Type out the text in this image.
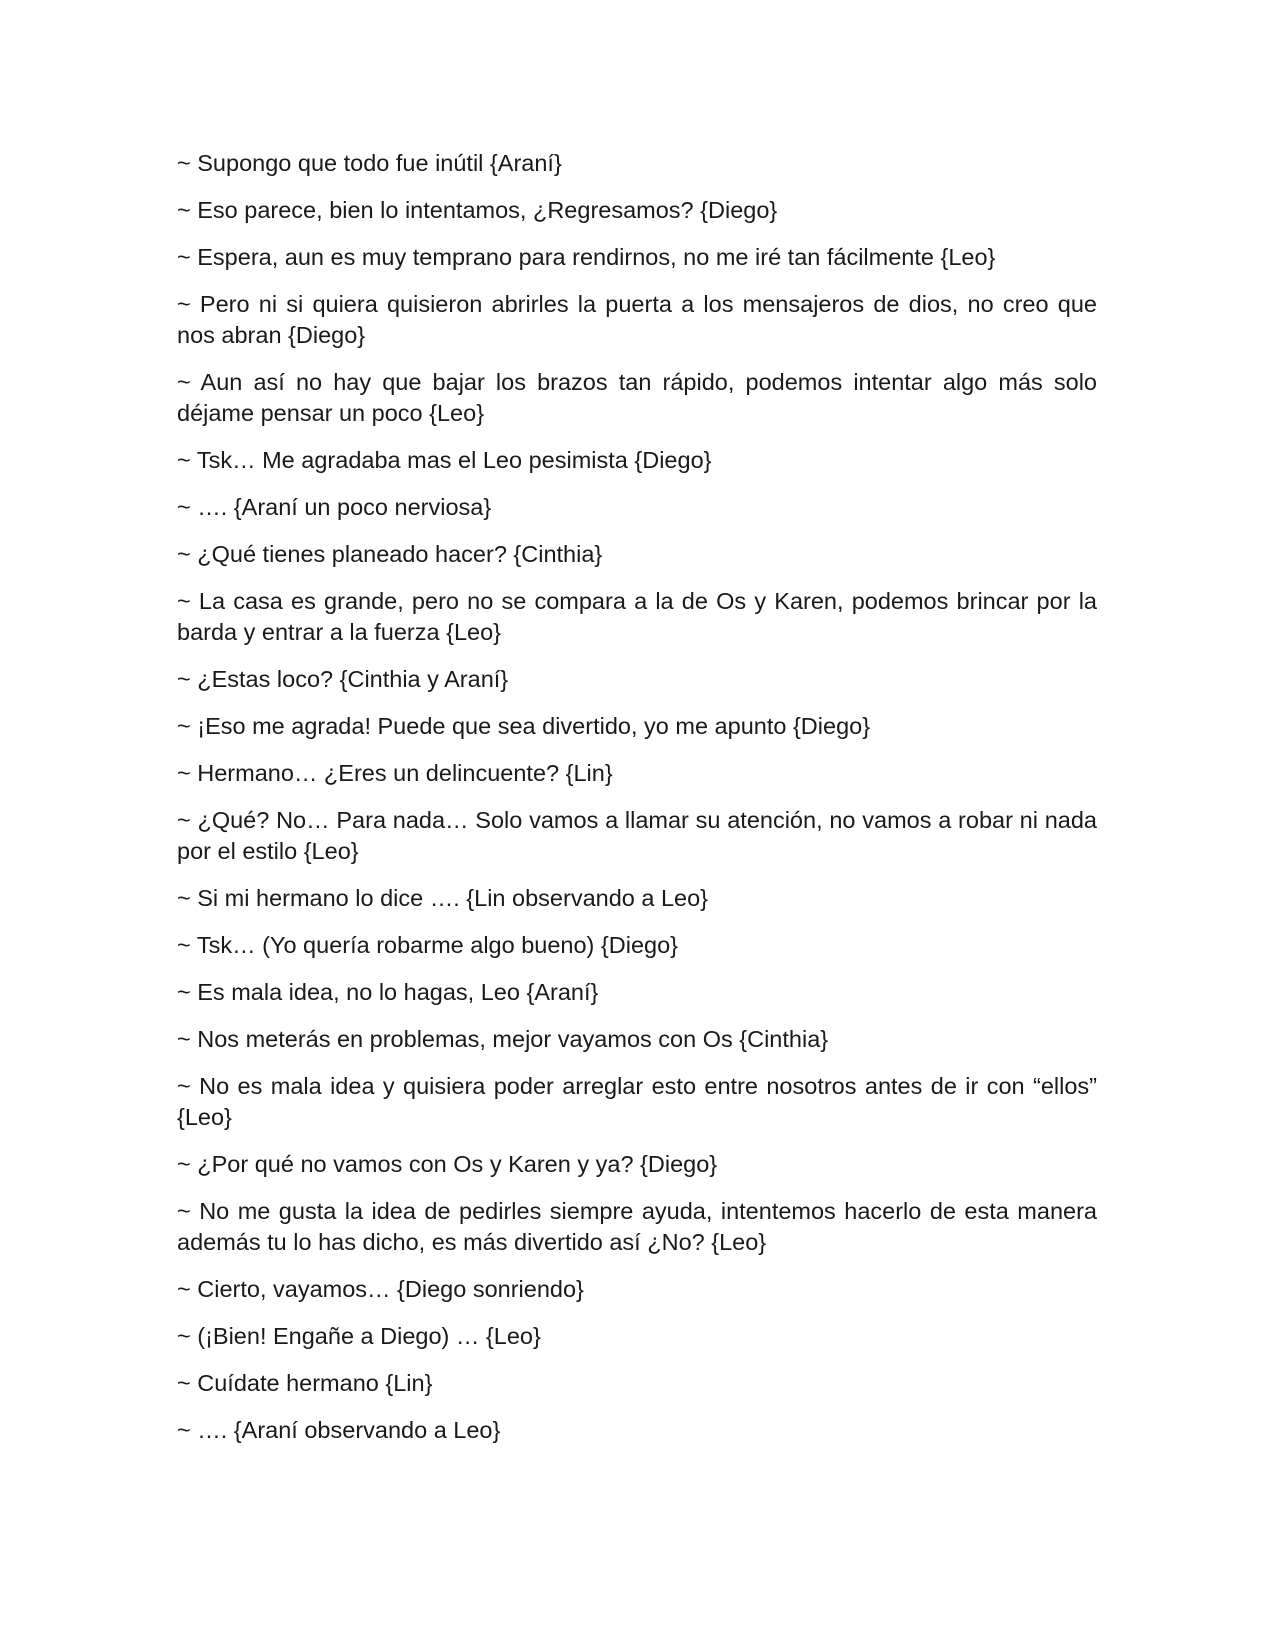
~ Supongo que todo fue inútil {Araní}

~ Eso parece, bien lo intentamos, ¿Regresamos? {Diego}

~ Espera, aun es muy temprano para rendirnos, no me iré tan fácilmente {Leo}

~ Pero ni si quiera quisieron abrirles la puerta a los mensajeros de dios, no creo que nos abran {Diego}

~ Aun así no hay que bajar los brazos tan rápido, podemos intentar algo más solo déjame pensar un poco {Leo}

~ Tsk… Me agradaba mas el Leo pesimista {Diego}

~ …. {Araní un poco nerviosa}

~ ¿Qué tienes planeado hacer? {Cinthia}

~ La casa es grande, pero no se compara a la de Os y Karen, podemos brincar por la barda y entrar a la fuerza {Leo}

~ ¿Estas loco? {Cinthia y Araní}

~ ¡Eso me agrada! Puede que sea divertido, yo me apunto {Diego}

~ Hermano… ¿Eres un delincuente? {Lin}

~ ¿Qué? No… Para nada… Solo vamos a llamar su atención, no vamos a robar ni nada por el estilo {Leo}

~ Si mi hermano lo dice …. {Lin observando a Leo}

~ Tsk… (Yo quería robarme algo bueno) {Diego}

~ Es mala idea, no lo hagas, Leo {Araní}

~ Nos meterás en problemas, mejor vayamos con Os {Cinthia}

~ No es mala idea y quisiera poder arreglar esto entre nosotros antes de ir con “ellos” {Leo}

~ ¿Por qué no vamos con Os y Karen y ya? {Diego}

~ No me gusta la idea de pedirles siempre ayuda, intentemos hacerlo de esta manera además tu lo has dicho, es más divertido así ¿No? {Leo}

~ Cierto, vayamos… {Diego sonriendo}

~ (¡Bien! Engañe a Diego) … {Leo}

~ Cuídate hermano {Lin}

~ …. {Araní observando a Leo}
